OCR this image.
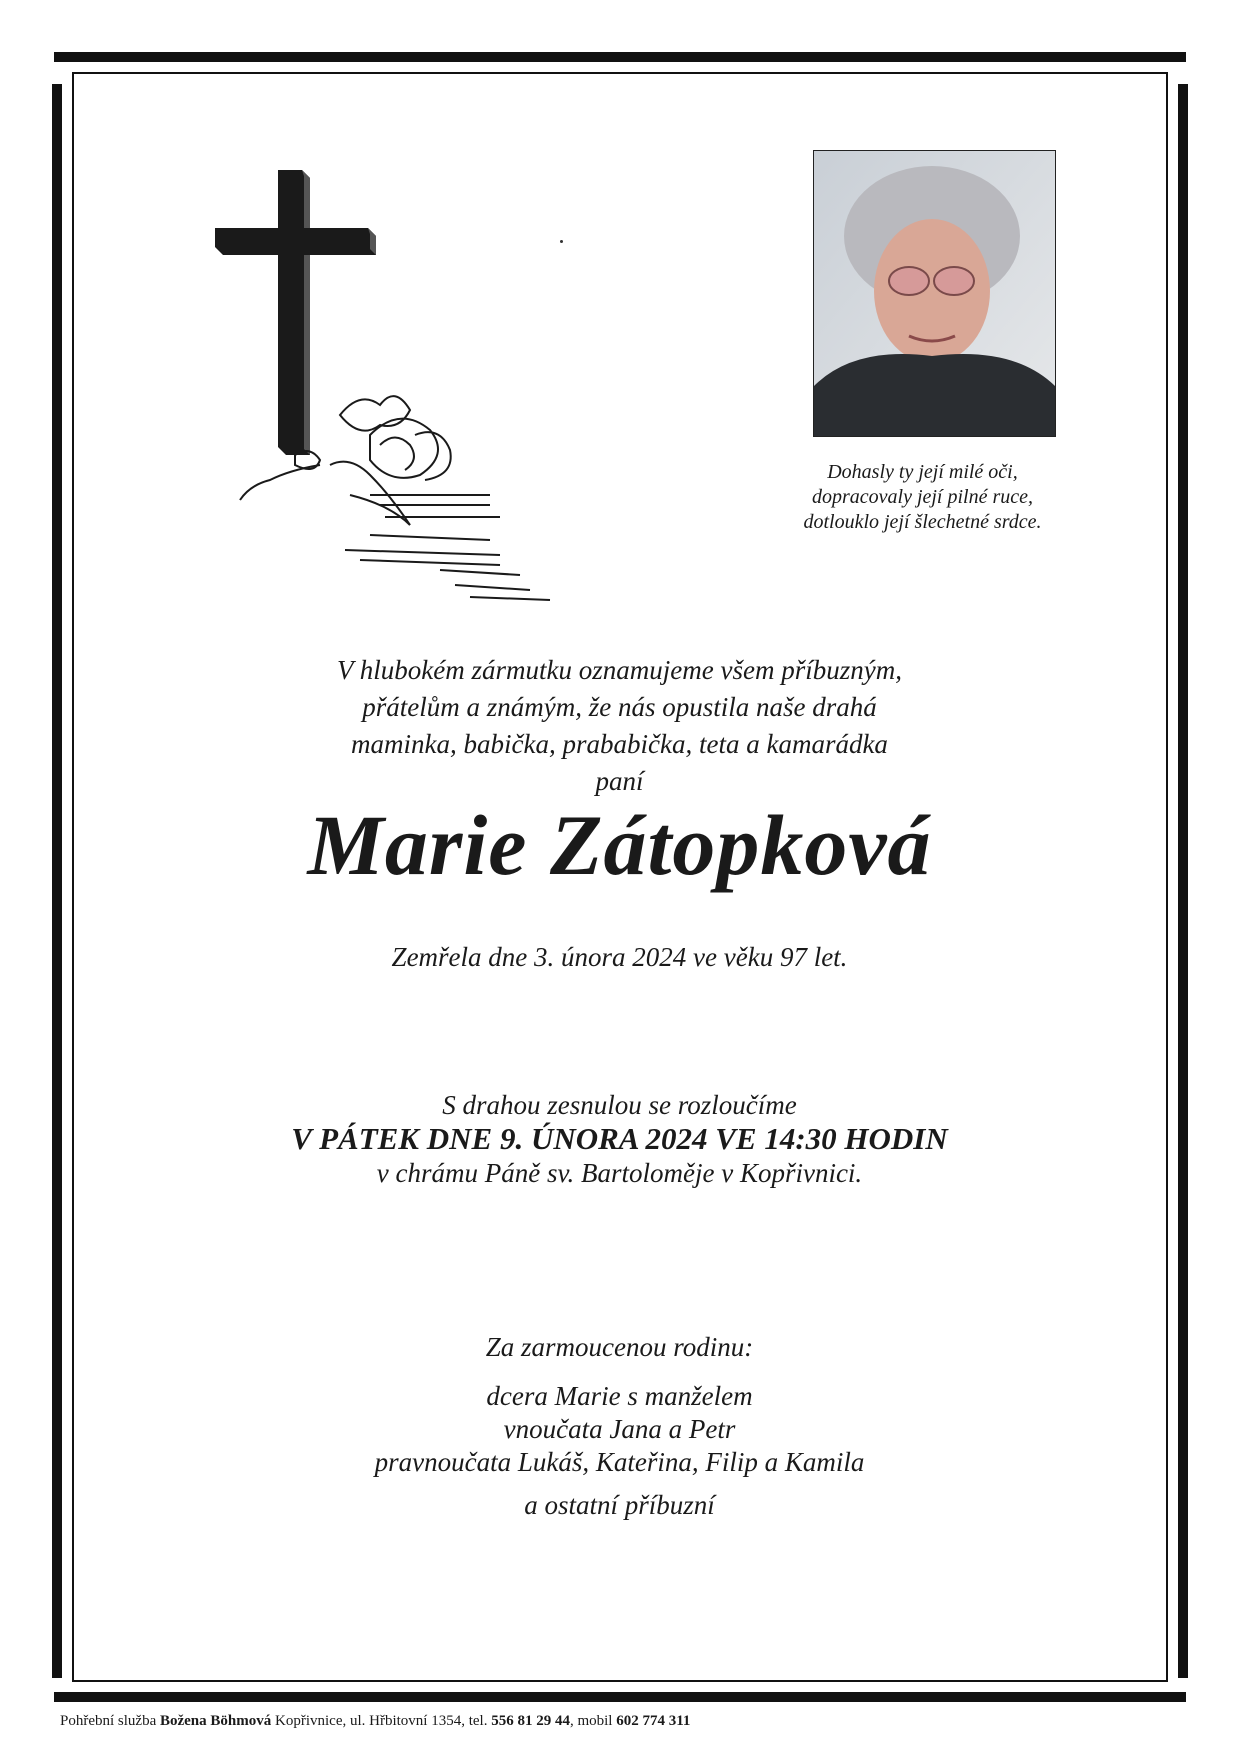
Dohasly ty její milé oči,
dopracovaly její pilné ruce,
dotlouklo její šlechetné srdce.
V hlubokém zármutku oznamujeme všem příbuzným,
přátelům a známým, že nás opustila naše drahá
maminka, babička, prababička, teta a kamarádka
paní
Marie Zátopková
Zemřela dne 3. února 2024 ve věku 97 let.
S drahou zesnulou se rozloučíme
V PÁTEK DNE 9. ÚNORA 2024 VE 14:30 HODIN
v chrámu Páně sv. Bartoloměje v Kopřivnici.
Za zarmoucenou rodinu:
dcera Marie s manželem
vnoučata Jana a Petr
pravnoučata Lukáš, Kateřina, Filip a Kamila
a ostatní příbuzní
Pohřební služba Božena Böhmová Kopřivnice, ul. Hřbitovní 1354, tel. 556 81 29 44, mobil 602 774 311
